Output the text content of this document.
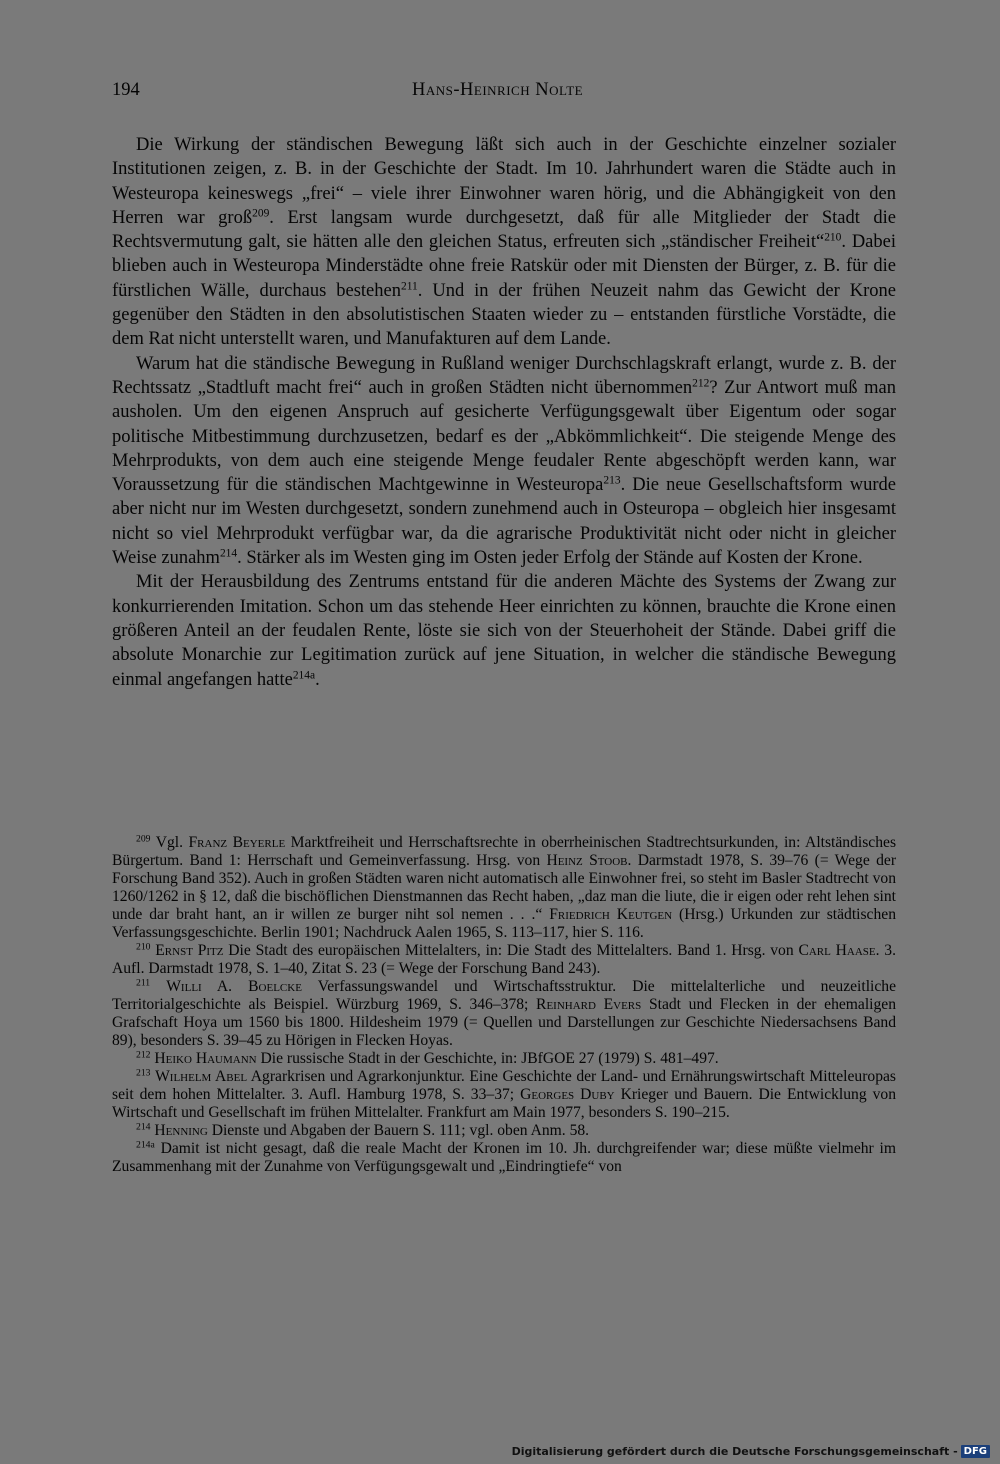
194	Hans-Heinrich Nolte

Die Wirkung der ständischen Bewegung läßt sich auch in der Geschichte einzelner sozialer Institutionen zeigen, z. B. in der Geschichte der Stadt. Im 10. Jahrhundert waren die Städte auch in Westeuropa keineswegs „frei“ – viele ihrer Einwohner waren hörig, und die Abhängigkeit von den Herren war groß$^{209}$. Erst langsam wurde durchgesetzt, daß für alle Mitglieder der Stadt die Rechtsvermutung galt, sie hätten alle den gleichen Status, erfreuten sich „ständischer Freiheit“$^{210}$. Dabei blieben auch in Westeuropa Minderstädte ohne freie Ratskür oder mit Diensten der Bürger, z. B. für die fürstlichen Wälle, durchaus bestehen$^{211}$. Und in der frühen Neuzeit nahm das Gewicht der Krone gegenüber den Städten in den absolutistischen Staaten wieder zu – entstanden fürstliche Vorstädte, die dem Rat nicht unterstellt waren, und Manufakturen auf dem Lande.

Warum hat die ständische Bewegung in Rußland weniger Durchschlagskraft erlangt, wurde z. B. der Rechtssatz „Stadtluft macht frei“ auch in großen Städten nicht übernommen$^{212}$? Zur Antwort muß man ausholen. Um den eigenen Anspruch auf gesicherte Verfügungsgewalt über Eigentum oder sogar politische Mitbestimmung durchzusetzen, bedarf es der „Abkömmlichkeit“. Die steigende Menge des Mehrprodukts, von dem auch eine steigende Menge feudaler Rente abgeschöpft werden kann, war Voraussetzung für die ständischen Machtgewinne in Westeuropa$^{213}$. Die neue Gesellschaftsform wurde aber nicht nur im Westen durchgesetzt, sondern zunehmend auch in Osteuropa – obgleich hier insgesamt nicht so viel Mehrprodukt verfügbar war, da die agrarische Produktivität nicht oder nicht in gleicher Weise zunahm$^{214}$. Stärker als im Westen ging im Osten jeder Erfolg der Stände auf Kosten der Krone.

Mit der Herausbildung des Zentrums entstand für die anderen Mächte des Systems der Zwang zur konkurrierenden Imitation. Schon um das stehende Heer einrichten zu können, brauchte die Krone einen größeren Anteil an der feudalen Rente, löste sie sich von der Steuerhoheit der Stände. Dabei griff die absolute Monarchie zur Legitimation zurück auf jene Situation, in welcher die ständische Bewegung einmal angefangen hatte$^{214a}$.

$^{209}$ Vgl. Franz Beyerle Marktfreiheit und Herrschaftsrechte in oberrheinischen Stadtrechtsurkunden, in: Altständisches Bürgertum. Band 1: Herrschaft und Gemeinverfassung. Hrsg. von Heinz Stoob. Darmstadt 1978, S. 39–76 (= Wege der Forschung Band 352). Auch in großen Städten waren nicht automatisch alle Einwohner frei, so steht im Basler Stadtrecht von 1260/1262 in § 12, daß die bischöflichen Dienstmannen das Recht haben, „daz man die liute, die ir eigen oder reht lehen sint unde dar braht hant, an ir willen ze burger niht sol nemen . . .“ Friedrich Keutgen (Hrsg.) Urkunden zur städtischen Verfassungsgeschichte. Berlin 1901; Nachdruck Aalen 1965, S. 113–117, hier S. 116.

$^{210}$ Ernst Pitz Die Stadt des europäischen Mittelalters, in: Die Stadt des Mittelalters. Band 1. Hrsg. von Carl Haase. 3. Aufl. Darmstadt 1978, S. 1–40, Zitat S. 23 (= Wege der Forschung Band 243).

$^{211}$ Willi A. Boelcke Verfassungswandel und Wirtschaftsstruktur. Die mittelalterliche und neuzeitliche Territorialgeschichte als Beispiel. Würzburg 1969, S. 346–378; Reinhard Evers Stadt und Flecken in der ehemaligen Grafschaft Hoya um 1560 bis 1800. Hildesheim 1979 (= Quellen und Darstellungen zur Geschichte Niedersachsens Band 89), besonders S. 39–45 zu Hörigen in Flecken Hoyas.

$^{212}$ Heiko Haumann Die russische Stadt in der Geschichte, in: JBfGOE 27 (1979) S. 481–497.

$^{213}$ Wilhelm Abel Agrarkrisen und Agrarkonjunktur. Eine Geschichte der Land- und Ernährungswirtschaft Mitteleuropas seit dem hohen Mittelalter. 3. Aufl. Hamburg 1978, S. 33–37; Georges Duby Krieger und Bauern. Die Entwicklung von Wirtschaft und Gesellschaft im frühen Mittelalter. Frankfurt am Main 1977, besonders S. 190–215.

$^{214}$ Henning Dienste und Abgaben der Bauern S. 111; vgl. oben Anm. 58.

$^{214a}$ Damit ist nicht gesagt, daß die reale Macht der Kronen im 10. Jh. durchgreifender war; diese müßte vielmehr im Zusammenhang mit der Zunahme von Verfügungsgewalt und „Eindringtiefe“ von

Digitalisierung gefördert durch die Deutsche Forschungsgemeinschaft - DFG
